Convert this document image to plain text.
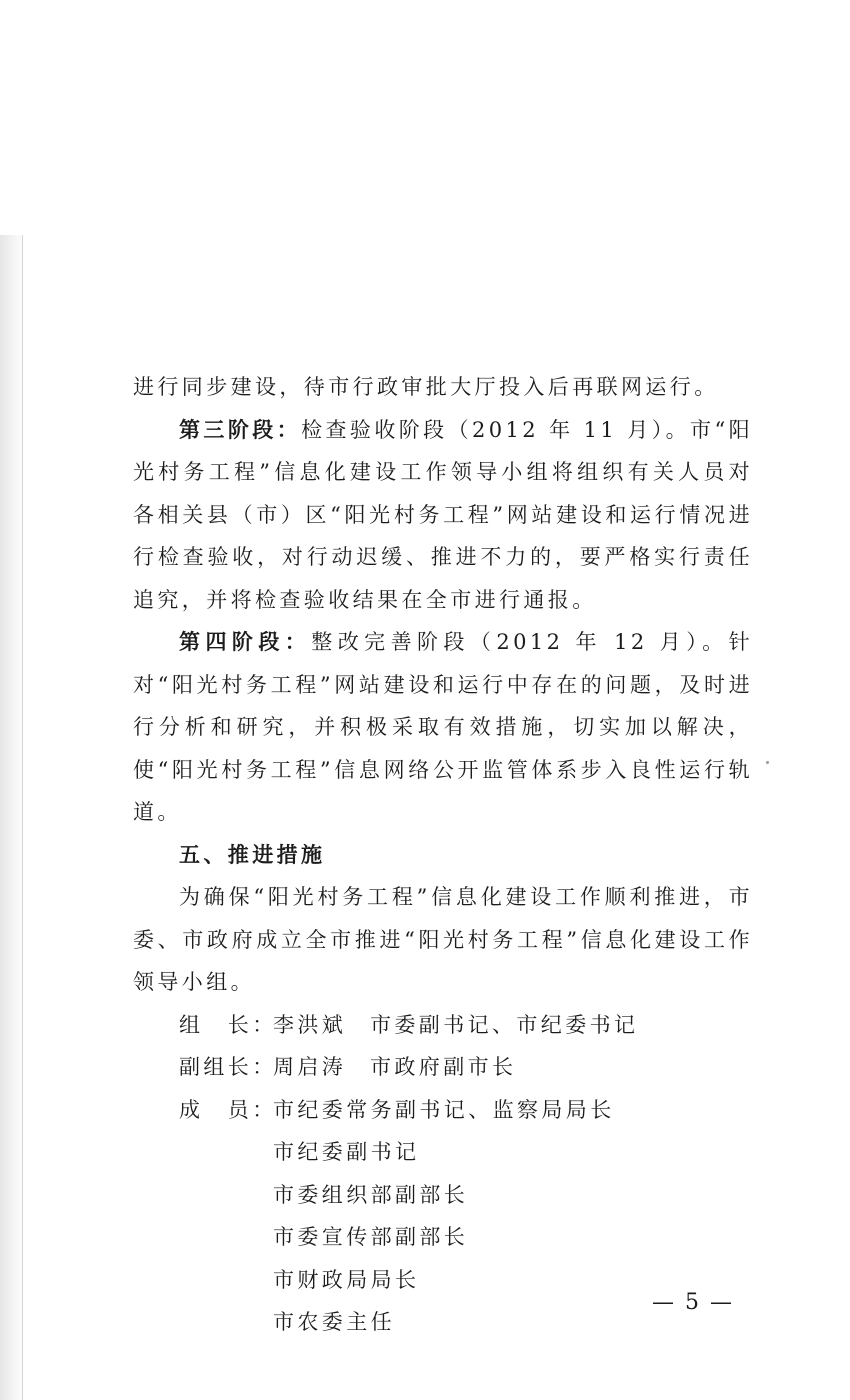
进行同步建设，待市行政审批大厅投入后再联网运行。

第三阶段：检查验收阶段（2012 年 11 月）。市“阳光村务工程”信息化建设工作领导小组将组织有关人员对各相关县（市）区“阳光村务工程”网站建设和运行情况进行检查验收，对行动迟缓、推进不力的，要严格实行责任追究，并将检查验收结果在全市进行通报。

第四阶段：整改完善阶段（2012 年 12 月）。针对“阳光村务工程”网站建设和运行中存在的问题，及时进行分析和研究，并积极采取有效措施，切实加以解决，使“阳光村务工程”信息网络公开监管体系步入良性运行轨道。

五、推进措施

为确保“阳光村务工程”信息化建设工作顺利推进，市委、市政府成立全市推进“阳光村务工程”信息化建设工作领导小组。

组　长：
李洪斌	市委副书记、市纪委书记
副组长：
周启涛	市政府副市长
成　员：
市纪委常务副书记、监察局局长
市纪委副书记
市委组织部副部长
市委宣传部副部长
市财政局局长
市农委主任
— 5 —
